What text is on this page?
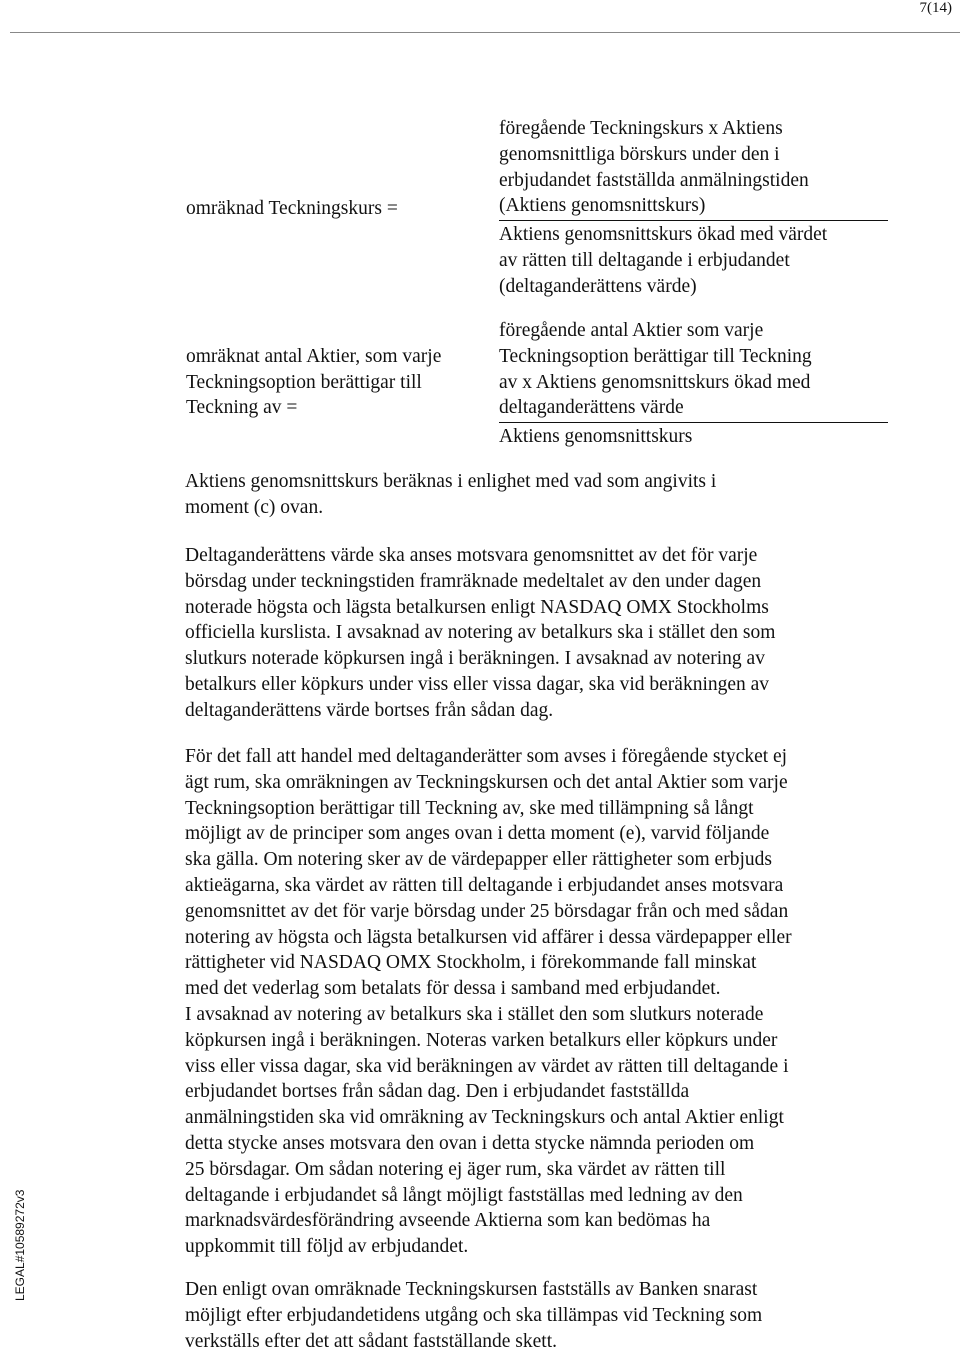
7(14)
omräknad Teckningskurs =
föregående Teckningskurs x Aktiens
genomsnittliga börskurs under den i
erbjudandet fastställda anmälningstiden
(Aktiens genomsnittskurs)
Aktiens genomsnittskurs ökad med värdet
av rätten till deltagande i erbjudandet
(deltaganderättens värde)
omräknat antal Aktier, som varje
Teckningsoption berättigar till
Teckning av =
föregående antal Aktier som varje
Teckningsoption berättigar till Teckning
av x Aktiens genomsnittskurs ökad med
deltaganderättens värde
Aktiens genomsnittskurs
Aktiens genomsnittskurs beräknas i enlighet med vad som angivits i
moment (c) ovan.
Deltaganderättens värde ska anses motsvara genomsnittet av det för varje
börsdag under teckningstiden framräknade medeltalet av den under dagen
noterade högsta och lägsta betalkursen enligt NASDAQ OMX Stockholms
officiella kurslista. I avsaknad av notering av betalkurs ska i stället den som
slutkurs noterade köpkursen ingå i beräkningen. I avsaknad av notering av
betalkurs eller köpkurs under viss eller vissa dagar, ska vid beräkningen av
deltaganderättens värde bortses från sådan dag.
För det fall att handel med deltaganderätter som avses i föregående stycket ej
ägt rum, ska omräkningen av Teckningskursen och det antal Aktier som varje
Teckningsoption berättigar till Teckning av, ske med tillämpning så långt
möjligt av de principer som anges ovan i detta moment (e), varvid följande
ska gälla. Om notering sker av de värdepapper eller rättigheter som erbjuds
aktieägarna, ska värdet av rätten till deltagande i erbjudandet anses motsvara
genomsnittet av det för varje börsdag under 25 börsdagar från och med sådan
notering av högsta och lägsta betalkursen vid affärer i dessa värdepapper eller
rättigheter vid NASDAQ OMX Stockholm, i förekommande fall minskat
med det vederlag som betalats för dessa i samband med erbjudandet.
I avsaknad av notering av betalkurs ska i stället den som slutkurs noterade
köpkursen ingå i beräkningen. Noteras varken betalkurs eller köpkurs under
viss eller vissa dagar, ska vid beräkningen av värdet av rätten till deltagande i
erbjudandet bortses från sådan dag. Den i erbjudandet fastställda
anmälningstiden ska vid omräkning av Teckningskurs och antal Aktier enligt
detta stycke anses motsvara den ovan i detta stycke nämnda perioden om
25 börsdagar. Om sådan notering ej äger rum, ska värdet av rätten till
deltagande i erbjudandet så långt möjligt fastställas med ledning av den
marknadsvärdesförändring avseende Aktierna som kan bedömas ha
uppkommit till följd av erbjudandet.
Den enligt ovan omräknade Teckningskursen fastställs av Banken snarast
möjligt efter erbjudandetidens utgång och ska tillämpas vid Teckning som
verkställs efter det att sådant fastställande skett.
LEGAL#10589272v3
